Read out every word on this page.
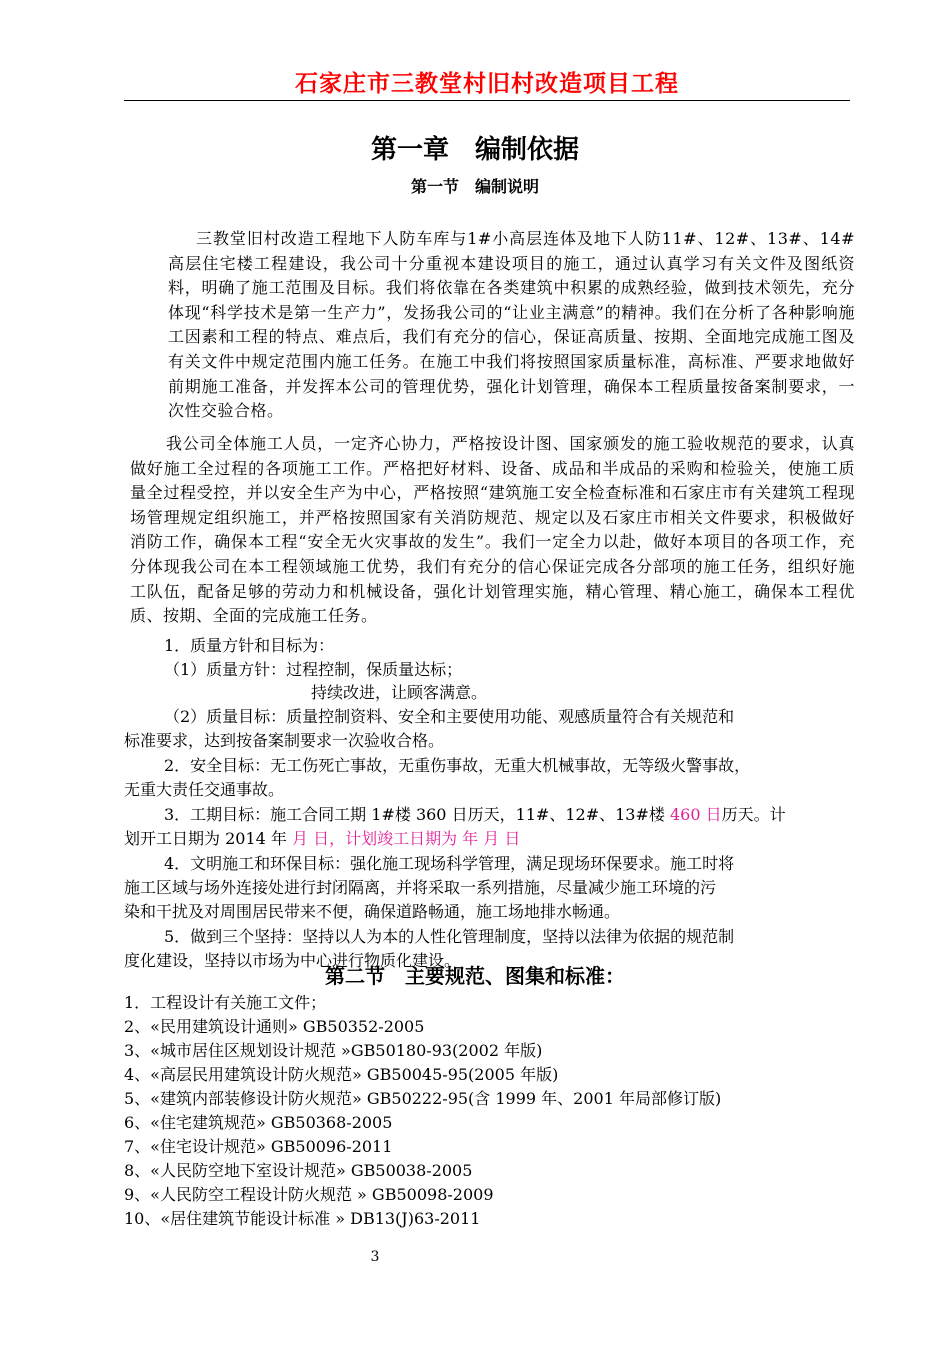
石家庄市三教堂村旧村改造项目工程
第一章 编制依据
第一节　编制说明
三教堂旧村改造工程地下人防车库与1#小高层连体及地下人防11#、12#、13#、14#高层住宅楼工程建设，我公司十分重视本建设项目的施工，通过认真学习有关文件及图纸资料，明确了施工范围及目标。我们将依靠在各类建筑中积累的成熟经验，做到技术领先，充分体现“科学技术是第一生产力”，发扬我公司的“让业主满意”的精神。我们在分析了各种影响施工因素和工程的特点、难点后，我们有充分的信心，保证高质量、按期、全面地完成施工图及有关文件中规定范围内施工任务。在施工中我们将按照国家质量标准，高标准、严要求地做好前期施工准备，并发挥本公司的管理优势，强化计划管理，确保本工程质量按备案制要求，一次性交验合格。
我公司全体施工人员，一定齐心协力，严格按设计图、国家颁发的施工验收规范的要求，认真做好施工全过程的各项施工工作。严格把好材料、设备、成品和半成品的采购和检验关，使施工质量全过程受控，并以安全生产为中心，严格按照“建筑施工安全检查标准和石家庄市有关建筑工程现场管理规定组织施工，并严格按照国家有关消防规范、规定以及石家庄市相关文件要求，积极做好消防工作，确保本工程“安全无火灾事故的发生”。我们一定全力以赴，做好本项目的各项工作，充分体现我公司在本工程领域施工优势，我们有充分的信心保证完成各分部项的施工任务，组织好施工队伍，配备足够的劳动力和机械设备，强化计划管理实施，精心管理、精心施工，确保本工程优质、按期、全面的完成施工任务。
1．质量方针和目标为：
（1）质量方针：过程控制，保质量达标；
持续改进，让顾客满意。
（2）质量目标：质量控制资料、安全和主要使用功能、观感质量符合有关规范和
标准要求，达到按备案制要求一次验收合格。
2．安全目标：无工伤死亡事故，无重伤事故，无重大机械事故，无等级火警事故，
无重大责任交通事故。
3．工期目标：施工合同工期 1#楼 360 日历天，11#、12#、13#楼 460 日历天。计
划开工日期为 2014 年 月 日，计划竣工日期为 年 月 日
4．文明施工和环保目标：强化施工现场科学管理，满足现场环保要求。施工时将
施工区域与场外连接处进行封闭隔离，并将采取一系列措施，尽量减少施工环境的污
染和干扰及对周围居民带来不便，确保道路畅通，施工场地排水畅通。
5．做到三个坚持：坚持以人为本的人性化管理制度，坚持以法律为依据的规范制
度化建设，坚持以市场为中心进行物质化建设。
第二节　主要规范、图集和标准：
1．工程设计有关施工文件；
2、«民用建筑设计通则» GB50352-2005
3、«城市居住区规划设计规范 »GB50180-93(2002 年版)
4、«高层民用建筑设计防火规范» GB50045-95(2005 年版)
5、«建筑内部装修设计防火规范» GB50222-95(含 1999 年、2001 年局部修订版)
6、«住宅建筑规范» GB50368-2005
7、«住宅设计规范» GB50096-2011
8、«人民防空地下室设计规范» GB50038-2005
9、«人民防空工程设计防火规范 » GB50098-2009
10、«居住建筑节能设计标准 » DB13(J)63-2011
3
